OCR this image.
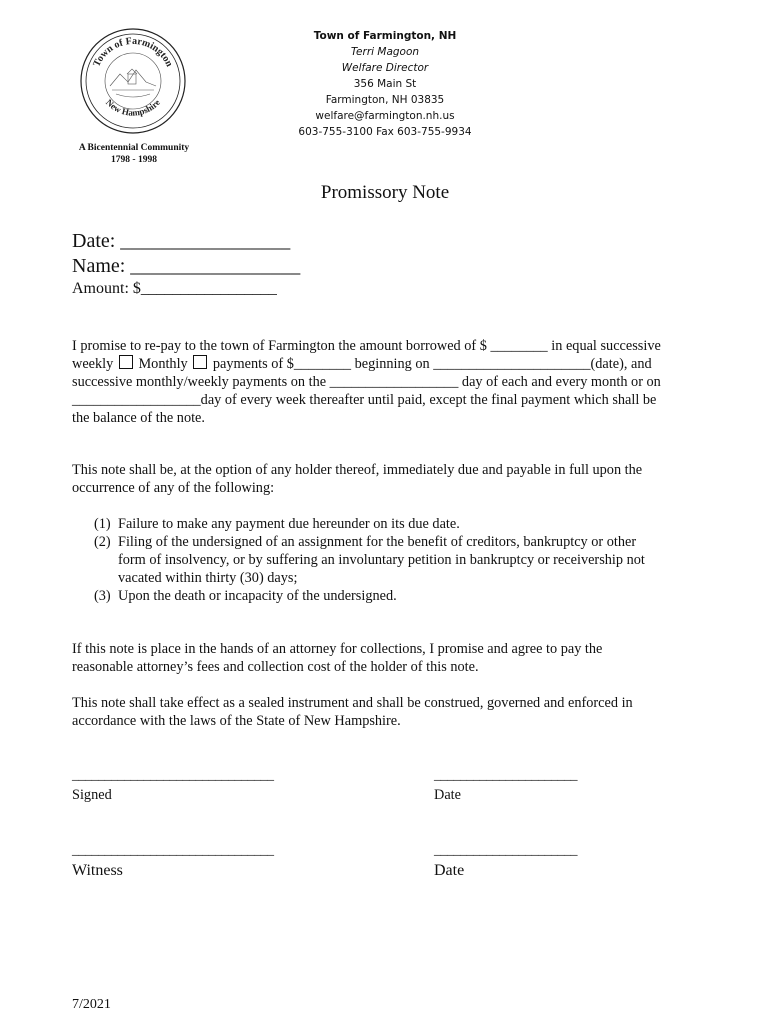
Town of Farmington
New Hampshire
A Bicentennial Community
1798 - 1998
Town of Farmington, NH
Terri Magoon
Welfare Director
356 Main St
Farmington, NH 03835
welfare@farmington.nh.us
603-755-3100 Fax 603-755-9934
Promissory Note
Date: _________________
Name: _________________
Amount: $_________________
I promise to re-pay to the town of Farmington the amount borrowed of $ ________ in equal successive
weekly Monthly payments of $________ beginning on ______________________(date), and
successive monthly/weekly payments on the __________________ day of each and every month or on
__________________day of every week thereafter until paid, except the final payment which shall be
the balance of the note.
This note shall be, at the option of any holder thereof, immediately due and payable in full upon the
occurrence of any of the following:
(1) Failure to make any payment due hereunder on its due date.
(2) Filing of the undersigned of an assignment for the benefit of creditors, bankruptcy or other
form of insolvency, or by suffering an involuntary petition in bankruptcy or receivership not
vacated within thirty (30) days;
(3) Upon the death or incapacity of the undersigned.
If this note is place in the hands of an attorney for collections, I promise and agree to pay the
reasonable attorney’s fees and collection cost of the holder of this note.
This note shall take effect as a sealed instrument and shall be construed, governed and enforced in
accordance with the laws of the State of New Hampshire.
_______________________________	______________________
Signed	Date
_______________________________	______________________
Witness	Date
7/2021
